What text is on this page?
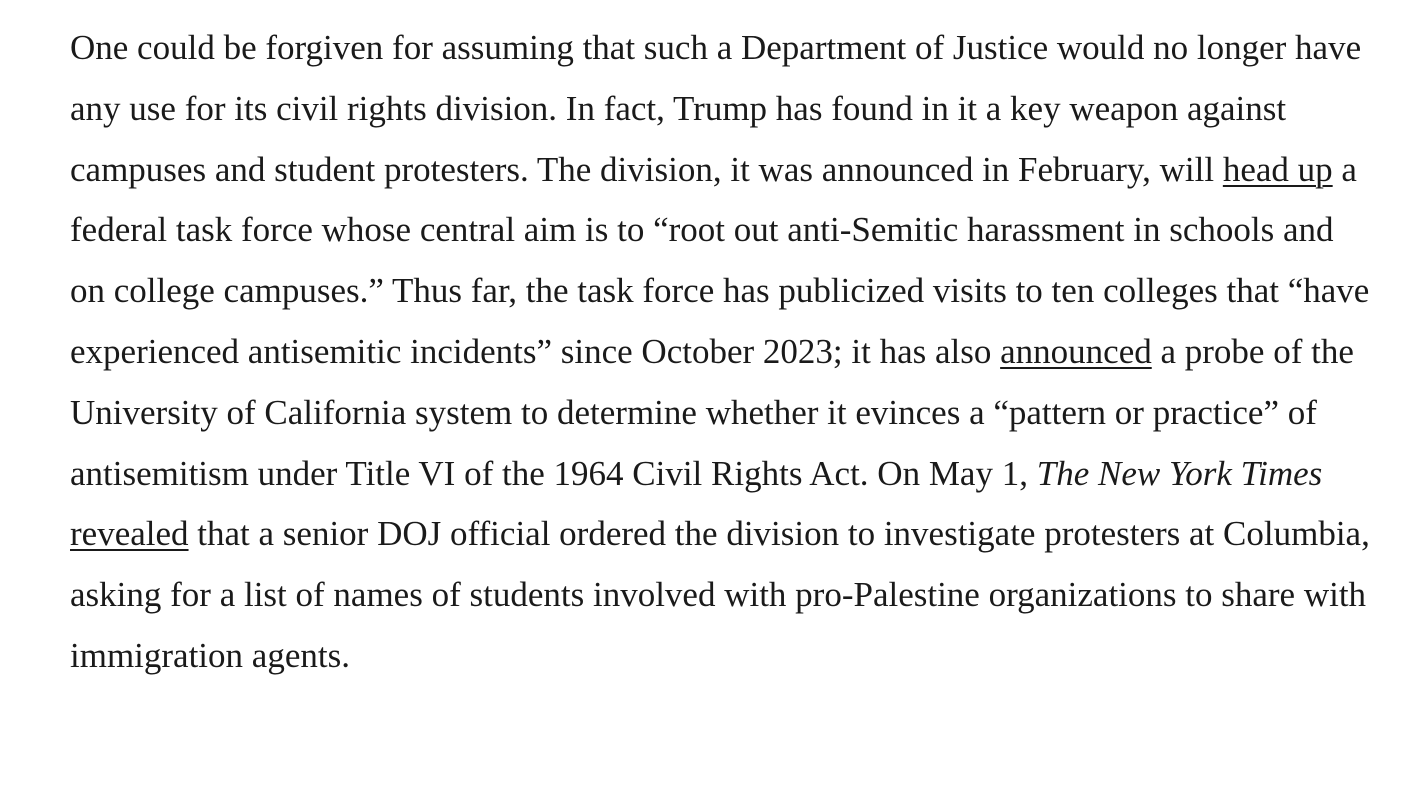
One could be forgiven for assuming that such a Department of Justice would no longer have any use for its civil rights division. In fact, Trump has found in it a key weapon against campuses and student protesters. The division, it was announced in February, will head up a federal task force whose central aim is to “root out anti-Semitic harassment in schools and on college campuses.” Thus far, the task force has publicized visits to ten colleges that “have experienced antisemitic incidents” since October 2023; it has also announced a probe of the University of California system to determine whether it evinces a “pattern or practice” of antisemitism under Title VI of the 1964 Civil Rights Act. On May 1, The New York Times revealed that a senior DOJ official ordered the division to investigate protesters at Columbia, asking for a list of names of students involved with pro-Palestine organizations to share with immigration agents.
